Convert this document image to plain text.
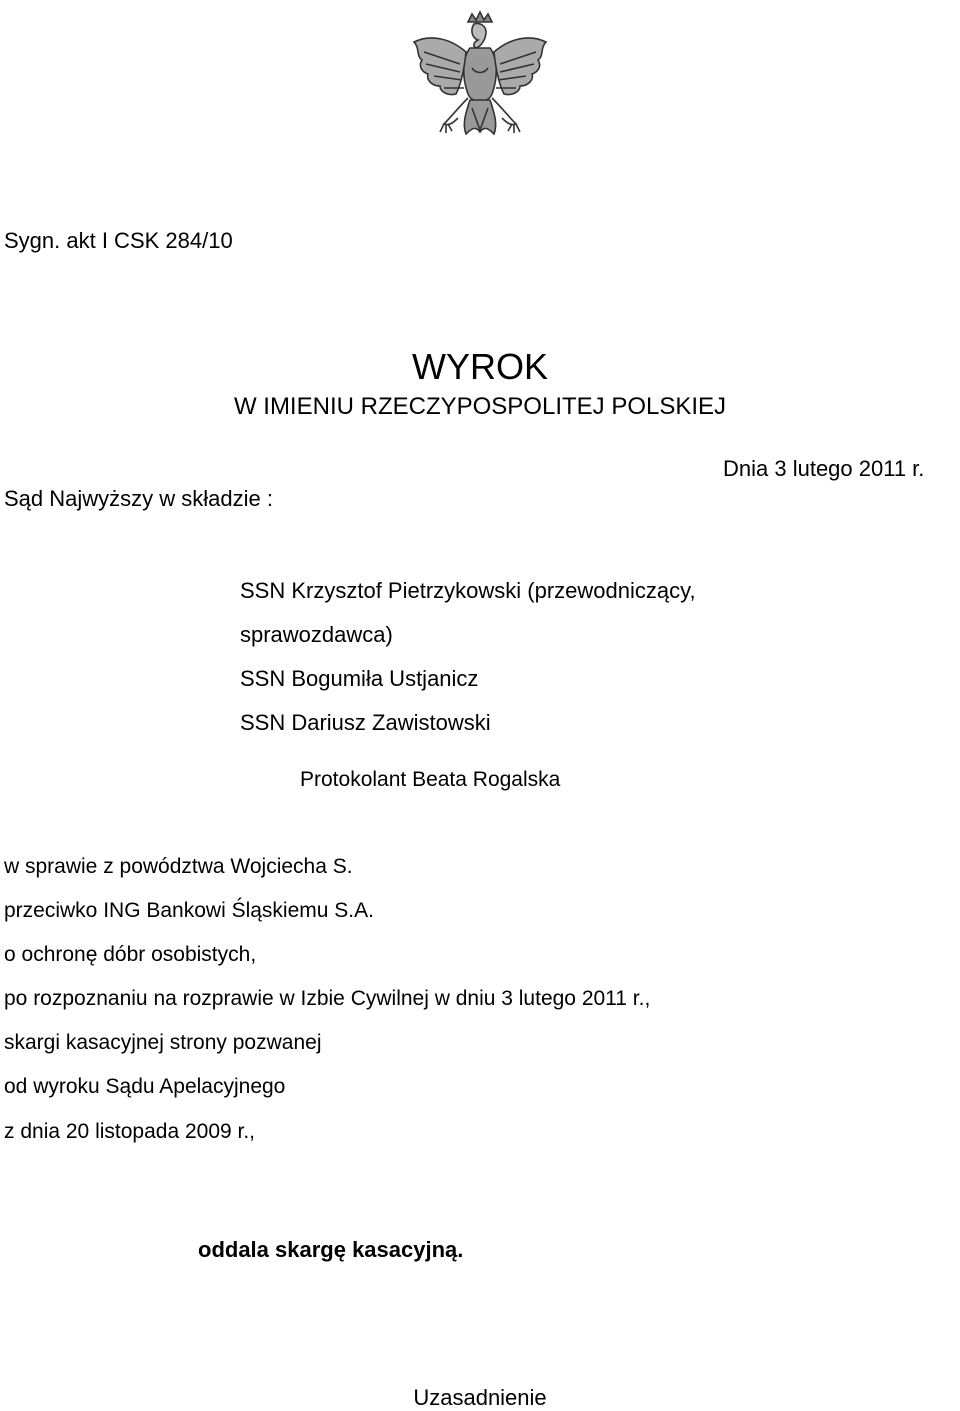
Sygn. akt I CSK 284/10
WYROK
W IMIENIU RZECZYPOSPOLITEJ POLSKIEJ
Dnia 3 lutego 2011 r.
Sąd Najwyższy w składzie :
SSN Krzysztof Pietrzykowski (przewodniczący,
sprawozdawca)
SSN Bogumiła Ustjanicz
SSN Dariusz Zawistowski
Protokolant Beata Rogalska
w sprawie z powództwa Wojciecha S.
przeciwko ING Bankowi Śląskiemu S.A.
o ochronę dóbr osobistych,
po rozpoznaniu na rozprawie w Izbie Cywilnej w dniu 3 lutego 2011 r.,
skargi kasacyjnej strony pozwanej
od wyroku Sądu Apelacyjnego
z dnia 20 listopada 2009 r.,
oddala skargę kasacyjną.
Uzasadnienie
